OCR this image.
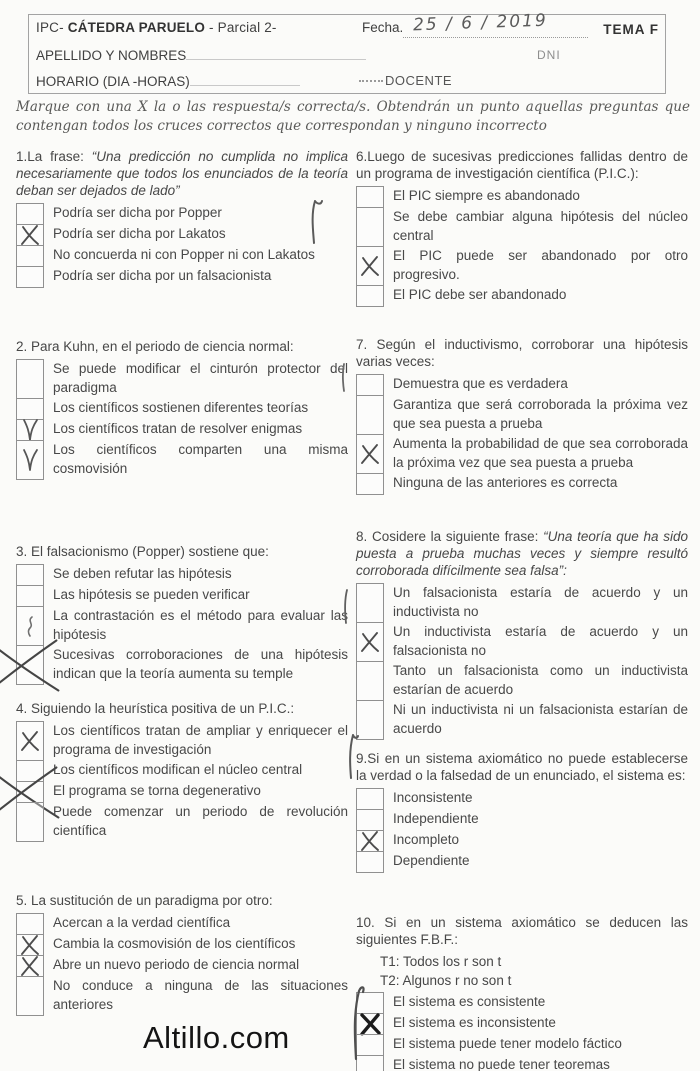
IPC- CÁTEDRA PARUELO - Parcial 2-	Fecha. 25 / 6 / 2019	TEMA F
APELLIDO Y NOMBRES	DNI
HORARIO (DIA -HORAS)	DOCENTE
Marque con una X la o las respuesta/s correcta/s. Obtendrán un punto aquellas preguntas que contengan todos los cruces correctos que correspondan y ninguno incorrecto

1.La frase: “Una predicción no cumplida no implica necesariamente que todos los enunciados de la teoría deban ser dejados de lado”

Podría ser dicha por Popper
Podría ser dicha por Lakatos
No concuerda ni con Popper ni con Lakatos
Podría ser dicha por un falsacionista

2. Para Kuhn, en el periodo de ciencia normal:

Se puede modificar el cinturón protector del paradigma
Los científicos sostienen diferentes teorías
Los científicos tratan de resolver enigmas
Los científicos comparten una misma cosmovisión

3. El falsacionismo (Popper) sostiene que:

Se deben refutar las hipótesis
Las hipótesis se pueden verificar
La contrastación es el método para evaluar las hipótesis
Sucesivas corroboraciones de una hipótesis indican que la teoría aumenta su temple

4. Siguiendo la heurística positiva de un P.I.C.:

Los científicos tratan de ampliar y enriquecer el programa de investigación
Los científicos modifican el núcleo central
El programa se torna degenerativo
Puede comenzar un periodo de revolución científica

5. La sustitución de un paradigma por otro:

Acercan a la verdad científica
Cambia la cosmovisión de los científicos
Abre un nuevo periodo de ciencia normal
No conduce a ninguna de las situaciones anteriores

6.Luego de sucesivas predicciones fallidas dentro de un programa de investigación científica (P.I.C.):

El PIC siempre es abandonado
Se debe cambiar alguna hipótesis del núcleo central
El PIC puede ser abandonado por otro progresivo.
El PIC debe ser abandonado

7. Según el inductivismo, corroborar una hipótesis varias veces:

Demuestra que es verdadera
Garantiza que será corroborada la próxima vez que sea puesta a prueba
Aumenta la probabilidad de que sea corroborada la próxima vez que sea puesta a prueba
Ninguna de las anteriores es correcta

8. Cosidere la siguiente frase: “Una teoría que ha sido puesta a prueba muchas veces y siempre resultó corroborada difícilmente sea falsa”:

Un falsacionista estaría de acuerdo y un inductivista no
Un inductivista estaría de acuerdo y un falsacionista no
Tanto un falsacionista como un inductivista estarían de acuerdo
Ni un inductivista ni un falsacionista estarían de acuerdo

9.Si en un sistema axiomático no puede establecerse la verdad o la falsedad de un enunciado, el sistema es:

Inconsistente
Independiente
Incompleto
Dependiente

10. Si en un sistema axiomático se deducen las siguientes F.B.F.:

T1: Todos los r son t
T2: Algunos r no son t
El sistema es consistente
El sistema es inconsistente
El sistema puede tener modelo fáctico
El sistema no puede tener teoremas
Altillo.com
